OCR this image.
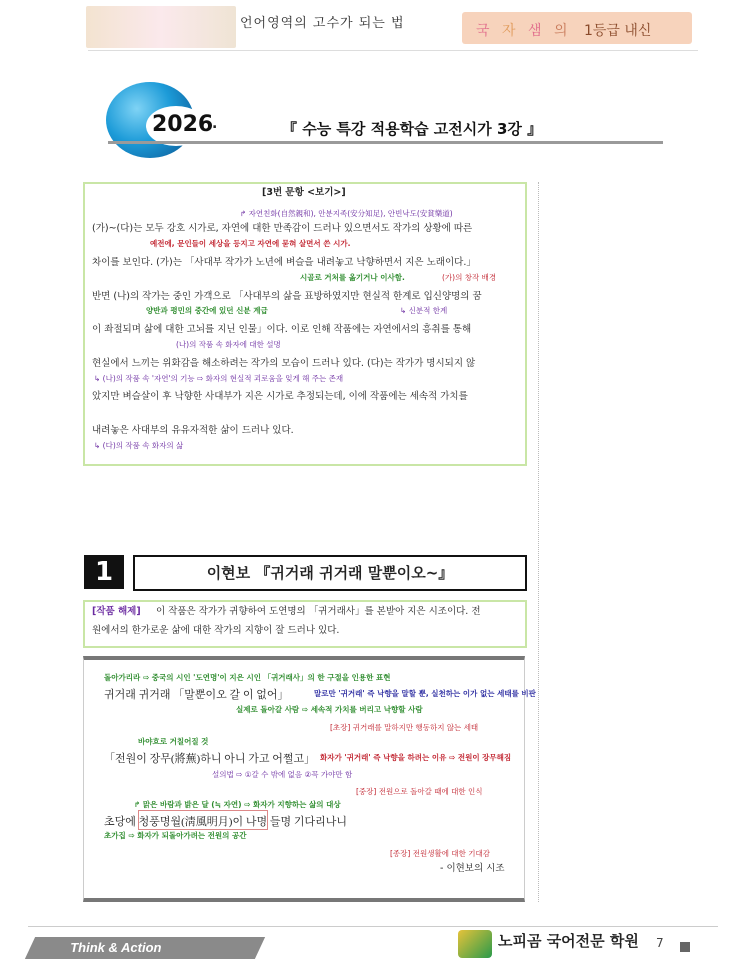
언어영역의 고수가 되는 법	국 자 샘 의 1등급 내신
2026
.	『 수능 특강 적용학습 고전시가 3강 』
[3번 문항 <보기>]
↱ 자연친화(自然親和), 안분지족(安分知足), 안빈낙도(安貧樂道)
(가)~(다)는 모두 강호 시가로, 자연에 대한 만족감이 드러나 있으면서도 작가의 상황에 따른
예전에, 문인들이 세상을 등지고 자연에 묻혀 살면서 쓴 시가.
차이를 보인다. (가)는 「사대부 작가가 노년에 벼슬을 내려놓고 낙향하면서 지은 노래이다.」
시골로 거처를 옮기거나 이사함.	(가)의 창작 배경
반면 (나)의 작가는 중인 가객으로 「사대부의 삶을 표방하였지만 현실적 한계로 입신양명의 꿈
양반과 평민의 중간에 있던 신분 계급	↳ 신분적 한계
이 좌절되며 삶에 대한 고뇌를 지닌 인물」이다. 이로 인해 작품에는 자연에서의 흥취를 통해
(나)의 작품 속 화자에 대한 설명
현실에서 느끼는 위화감을 해소하려는 작가의 모습이 드러나 있다. (다)는 작가가 명시되지 않
↳ (나)의 작품 속 '자연'의 기능 ⇨ 화자의 현실적 괴로움을 잊게 해 주는 존재
았지만 벼슬살이 후 낙향한 사대부가 지은 시가로 추정되는데, 이에 작품에는 세속적 가치를
내려놓은 사대부의 유유자적한 삶이 드러나 있다.
↳ (다)의 작품 속 화자의 삶
1	이현보 『귀거래 귀거래 말뿐이오~』
[작품 해제] 이 작품은 작가가 귀향하여 도연명의 「귀거래사」를 본받아 지은 시조이다. 전
원에서의 한가로운 삶에 대한 작가의 지향이 잘 드러나 있다.
돌아가리라 ⇨ 중국의 시인 '도연명'이 지은 시인 「귀거래사」의 한 구절을 인용한 표현
귀거래 귀거래 「말뿐이오 갈 이 없어」	말로만 '귀거래' 즉 낙향을 말할 뿐, 실천하는 이가 없는 세태를 비판
실제로 돌아갈 사람 ⇨ 세속적 가치를 버리고 낙향할 사람
[초장] 귀거래를 말하지만 행동하지 않는 세태
바야흐로 거칠어질 것
「전원이 장무(將蕪)하니 아니 가고 어쩔고」 화자가 '귀거래' 즉 낙향을 하려는 이유 ⇨ 전원이 장무해짐
설의법 ⇨ ①갈 수 밖에 없음 ②꼭 가야만 함
[중장] 전원으로 돌아갈 때에 대한 인식
↱ 맑은 바람과 밝은 달 (≒ 자연) ⇨ 화자가 지향하는 삶의 대상
초당에 청풍명월(淸風明月)이 나명 들명 기다리나니
초가집 ⇨ 화자가 되돌아가려는 전원의 공간
[종장] 전원생활에 대한 기대감
- 이현보의 시조
Think & Action	노피곰 국어전문 학원 7
